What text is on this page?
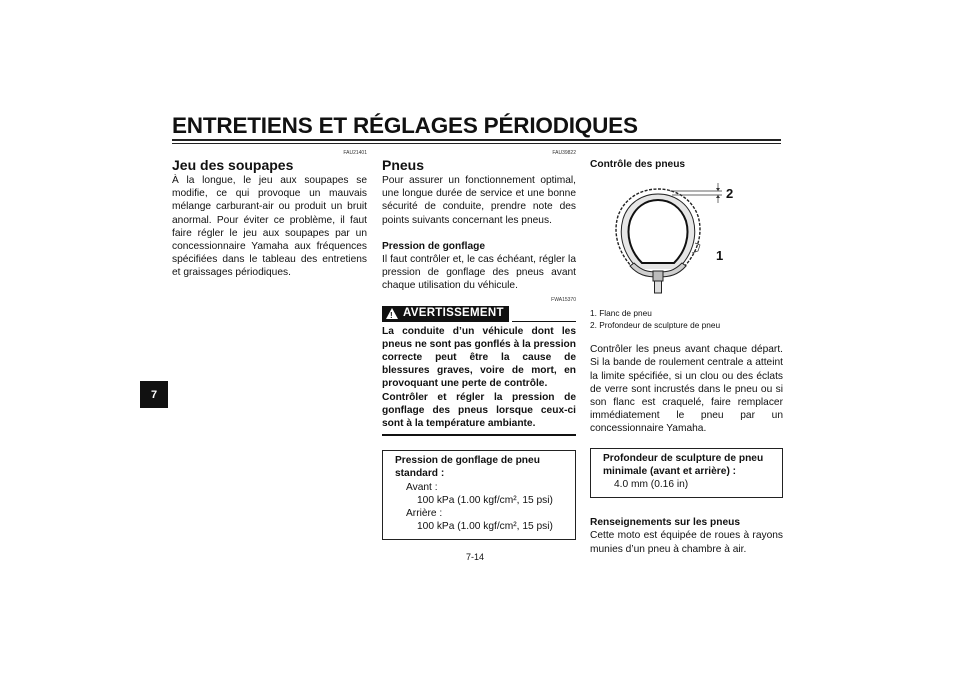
ENTRETIENS ET RÉGLAGES PÉRIODIQUES
7
FAU21401
Jeu des soupapes

À la longue, le jeu aux soupapes se modifie, ce qui provoque un mauvais mélange carburant-air ou produit un bruit anormal. Pour éviter ce problème, il faut faire régler le jeu aux soupapes par un concessionnaire Yamaha aux fréquences spécifiées dans le tableau des entretiens et graissages périodiques.

FAU39822
Pneus

Pour assurer un fonctionnement optimal, une longue durée de service et une bonne sécurité de conduite, prendre note des points suivants concernant les pneus.

Pression de gonflage

Il faut contrôler et, le cas échéant, régler la pression de gonflage des pneus avant chaque utilisation du véhicule.

FWA15370
! AVERTISSEMENT

La conduite d’un véhicule dont les pneus ne sont pas gonflés à la pression correcte peut être la cause de blessures graves, voire de mort, en provoquant une perte de contrôle.

Contrôler et régler la pression de gonflage des pneus lorsque ceux-ci sont à la température ambiante.

Pression de gonflage de pneu standard :
Avant :
100 kPa (1.00 kgf/cm², 15 psi)
Arrière :
100 kPa (1.00 kgf/cm², 15 psi)

Contrôle des pneus

2
1
1. Flanc de pneu
2. Profondeur de sculpture de pneu

Contrôler les pneus avant chaque départ. Si la bande de roulement centrale a atteint la limite spécifiée, si un clou ou des éclats de verre sont incrustés dans le pneu ou si son flanc est craquelé, faire remplacer immédiatement le pneu par un concessionnaire Yamaha.

Profondeur de sculpture de pneu minimale (avant et arrière) :
4.0 mm (0.16 in)

Renseignements sur les pneus

Cette moto est équipée de roues à rayons munies d’un pneu à chambre à air.

7-14
